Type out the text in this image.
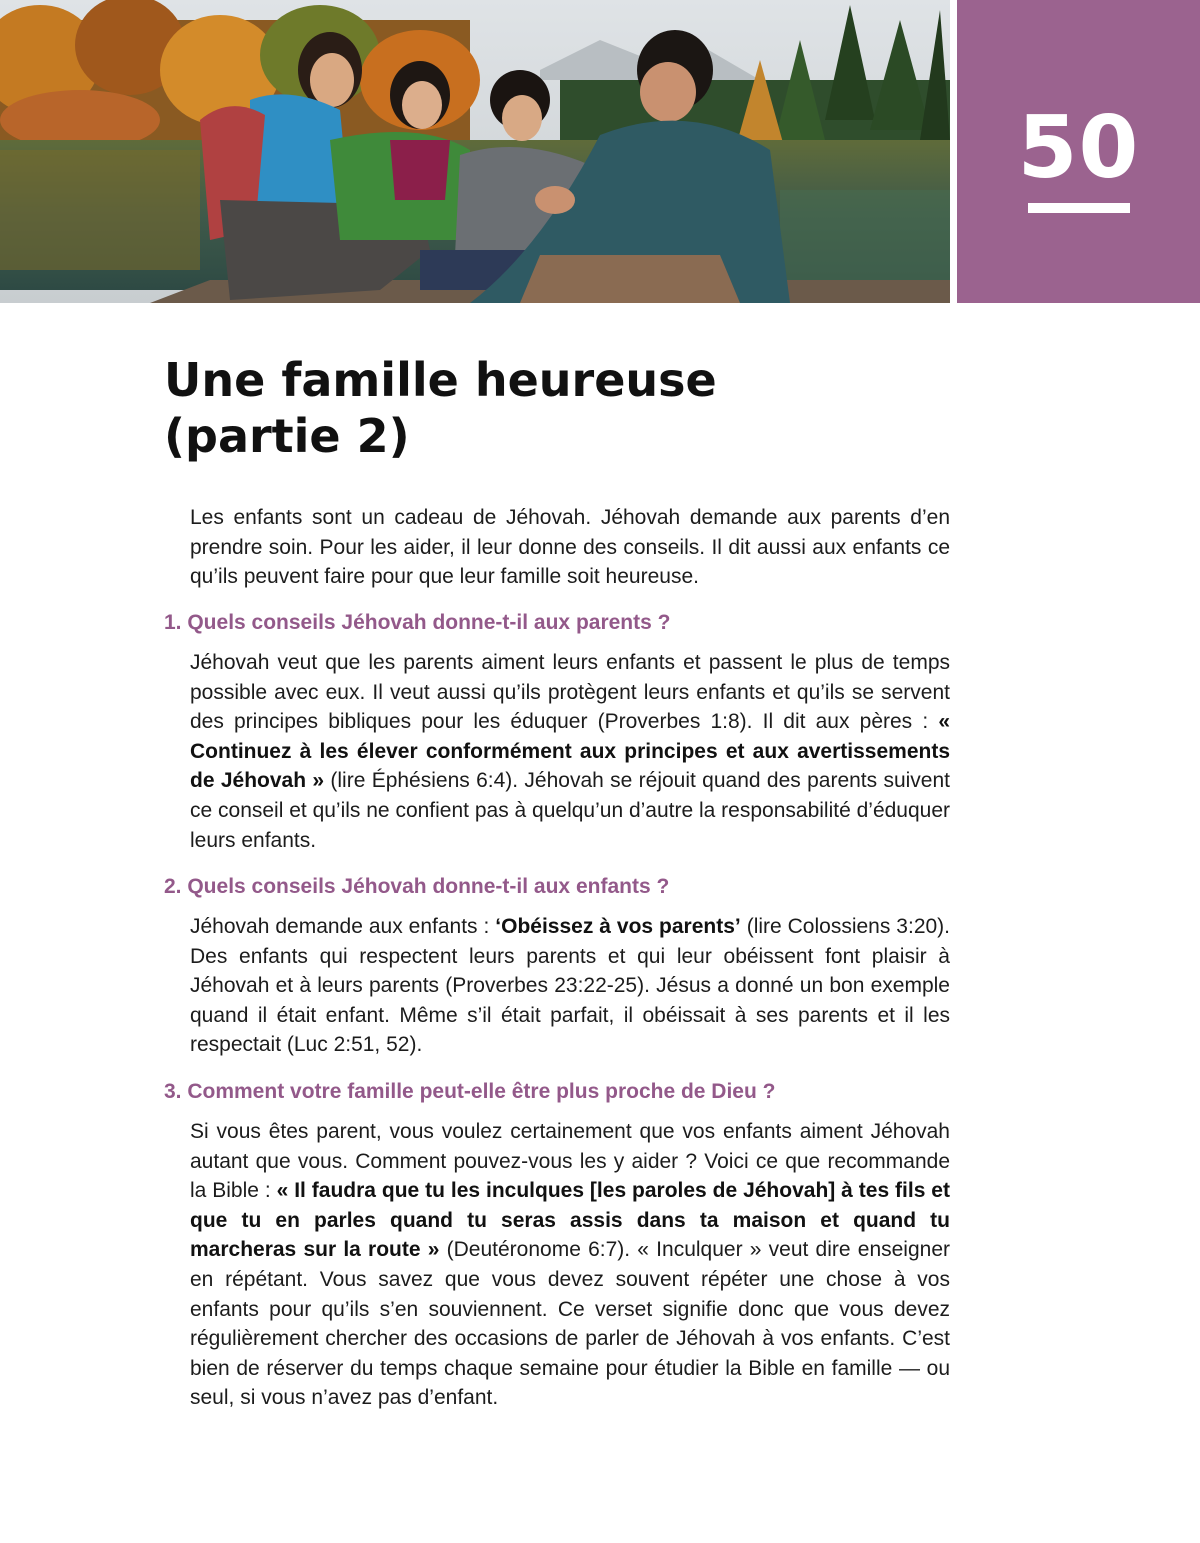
50
Une famille heureuse
(partie 2)

Les enfants sont un cadeau de Jéhovah. Jéhovah demande aux parents d’en prendre soin. Pour les aider, il leur donne des conseils. Il dit aussi aux enfants ce qu’ils peuvent faire pour que leur famille soit heureuse.

1. Quels conseils Jéhovah donne-t-il aux parents ?

Jéhovah veut que les parents aiment leurs enfants et passent le plus de temps possible avec eux. Il veut aussi qu’ils protègent leurs enfants et qu’ils se servent des principes bibliques pour les éduquer (Proverbes 1:8). Il dit aux pères : « Continuez à les élever conformément aux principes et aux avertissements de Jéhovah » (lire Éphésiens 6:4). Jéhovah se réjouit quand des parents suivent ce conseil et qu’ils ne confient pas à quelqu’un d’autre la responsabilité d’éduquer leurs enfants.

2. Quels conseils Jéhovah donne-t-il aux enfants ?

Jéhovah demande aux enfants : ‘Obéissez à vos parents’ (lire Colossiens 3:20). Des enfants qui respectent leurs parents et qui leur obéissent font plaisir à Jéhovah et à leurs parents (Proverbes 23:22-25). Jésus a donné un bon exemple quand il était enfant. Même s’il était parfait, il obéissait à ses parents et il les respectait (Luc 2:51, 52).

3. Comment votre famille peut-elle être plus proche de Dieu ?

Si vous êtes parent, vous voulez certainement que vos enfants aiment Jéhovah autant que vous. Comment pouvez-vous les y aider ? Voici ce que recommande la Bible : « Il faudra que tu les inculques [les paroles de Jéhovah] à tes fils et que tu en parles quand tu seras assis dans ta maison et quand tu marcheras sur la route » (Deutéronome 6:7). « Inculquer » veut dire enseigner en répétant. Vous savez que vous devez souvent répéter une chose à vos enfants pour qu’ils s’en souviennent. Ce verset signifie donc que vous devez régulièrement chercher des occasions de parler de Jéhovah à vos enfants. C’est bien de réserver du temps chaque semaine pour étudier la Bible en famille — ou seul, si vous n’avez pas d’enfant.
